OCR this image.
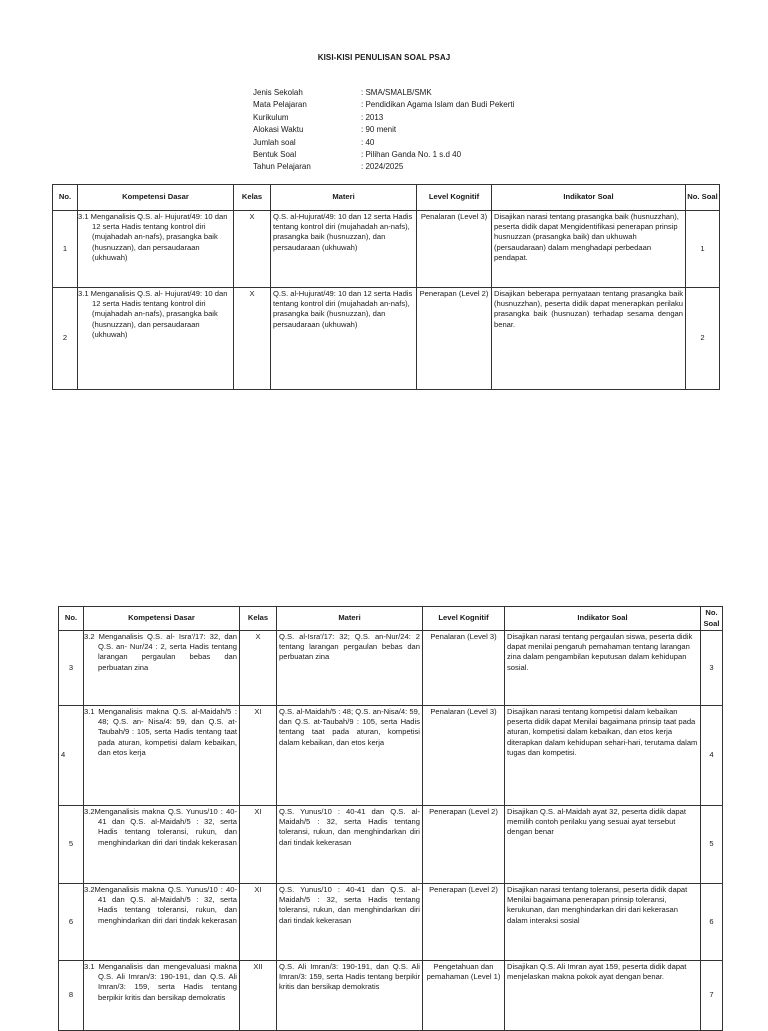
KISI-KISI PENULISAN SOAL PSAJ
Jenis Sekolah	: SMA/SMALB/SMK
Mata Pelajaran	: Pendidikan Agama Islam dan Budi Pekerti
Kurikulum	: 2013
Alokasi Waktu	: 90 menit
Jumlah soal	: 40
Bentuk Soal	: Pilihan Ganda No. 1 s.d 40
Tahun Pelajaran	: 2024/2025
No.	Kompetensi Dasar	Kelas	Materi	Level Kognitif	Indikator Soal	No. Soal
1	3.1 Menganalisis Q.S. al- Hujurat/49: 10 dan 12 serta Hadis tentang kontrol diri (mujahadah an-nafs), prasangka baik (husnuzzan), dan persaudaraan (ukhuwah)	X	Q.S. al-Hujurat/49: 10 dan 12 serta Hadis tentang kontrol diri (mujahadah an-nafs), prasangka baik (husnuzzan), dan persaudaraan (ukhuwah)	Penalaran (Level 3)	Disajikan narasi tentang prasangka baik (husnuzzhan), peserta didik dapat Mengidentifikasi penerapan prinsip husnuzzan (prasangka baik) dan ukhuwah (persaudaraan) dalam menghadapi perbedaan pendapat.	1
2	3.1 Menganalisis Q.S. al- Hujurat/49: 10 dan 12 serta Hadis tentang kontrol diri (mujahadah an-nafs), prasangka baik (husnuzzan), dan persaudaraan (ukhuwah)	X	Q.S. al-Hujurat/49: 10 dan 12 serta Hadis tentang kontrol diri (mujahadah an-nafs), prasangka baik (husnuzzan), dan persaudaraan (ukhuwah)	Penerapan (Level 2)	Disajikan beberapa pernyataan tentang prasangka baik (husnuzzhan), peserta didik dapat menerapkan perilaku prasangka baik (husnuzan) terhadap sesama dengan benar.	2
No.	Kompetensi Dasar	Kelas	Materi	Level Kognitif	Indikator Soal	No. Soal
3	3.2 Menganalisis Q.S. al- Isra'/17: 32, dan Q.S. an- Nur/24 : 2, serta Hadis tentang larangan pergaulan bebas dan perbuatan zina	X	Q.S. al-Isra'/17: 32; Q.S. an-Nur/24: 2 tentang larangan pergaulan bebas dan perbuatan zina	Penalaran (Level 3)	Disajikan narasi tentang pergaulan siswa, peserta didik dapat menilai pengaruh pemahaman tentang larangan zina dalam pengambilan keputusan dalam kehidupan sosial.	3
4	3.1 Menganalisis makna Q.S. al-Maidah/5 : 48; Q.S. an- Nisa/4: 59, dan Q.S. at- Taubah/9 : 105, serta Hadis tentang taat pada aturan, kompetisi dalam kebaikan, dan etos kerja	XI	Q.S. al-Maidah/5 : 48; Q.S. an-Nisa/4: 59, dan Q.S. at-Taubah/9 : 105, serta Hadis tentang taat pada aturan, kompetisi dalam kebaikan, dan etos kerja	Penalaran (Level 3)	Disajikan narasi tentang kompetisi dalam kebaikan peserta didik dapat Menilai bagaimana prinsip taat pada aturan, kompetisi dalam kebaikan, dan etos kerja diterapkan dalam kehidupan sehari-hari, terutama dalam tugas dan kompetisi.	4
5	3.2Menganalisis makna Q.S. Yunus/10 : 40-41 dan Q.S. al-Maidah/5 : 32, serta Hadis tentang toleransi, rukun, dan menghindarkan diri dari tindak kekerasan	XI	Q.S. Yunus/10 : 40-41 dan Q.S. al-Maidah/5 : 32, serta Hadis tentang toleransi, rukun, dan menghindarkan diri dari tindak kekerasan	Penerapan (Level 2)	Disajikan Q.S. al-Maidah ayat 32, peserta didik dapat memilih contoh perilaku yang sesuai ayat tersebut dengan benar	5
6	3.2Menganalisis makna Q.S. Yunus/10 : 40-41 dan Q.S. al-Maidah/5 : 32, serta Hadis tentang toleransi, rukun, dan menghindarkan diri dari tindak kekerasan	XI	Q.S. Yunus/10 : 40-41 dan Q.S. al-Maidah/5 : 32, serta Hadis tentang toleransi, rukun, dan menghindarkan diri dari tindak kekerasan	Penerapan (Level 2)	Disajikan narasi tentang toleransi, peserta didik dapat Menilai bagaimana penerapan prinsip toleransi, kerukunan, dan menghindarkan diri dari kekerasan dalam interaksi sosial	6
8	3.1 Menganalisis dan mengevaluasi makna Q.S. Ali Imran/3: 190-191, dan Q.S. Ali Imran/3: 159, serta Hadis tentang berpikir kritis dan bersikap demokratis	XII	Q.S. Ali Imran/3: 190-191, dan Q.S. Ali Imran/3: 159, serta Hadis tentang berpikir kritis dan bersikap demokratis	Pengetahuan dan pemahaman (Level 1)	Disajikan Q.S. Ali Imran ayat 159, peserta didik dapat menjelaskan makna pokok ayat dengan benar.	7
